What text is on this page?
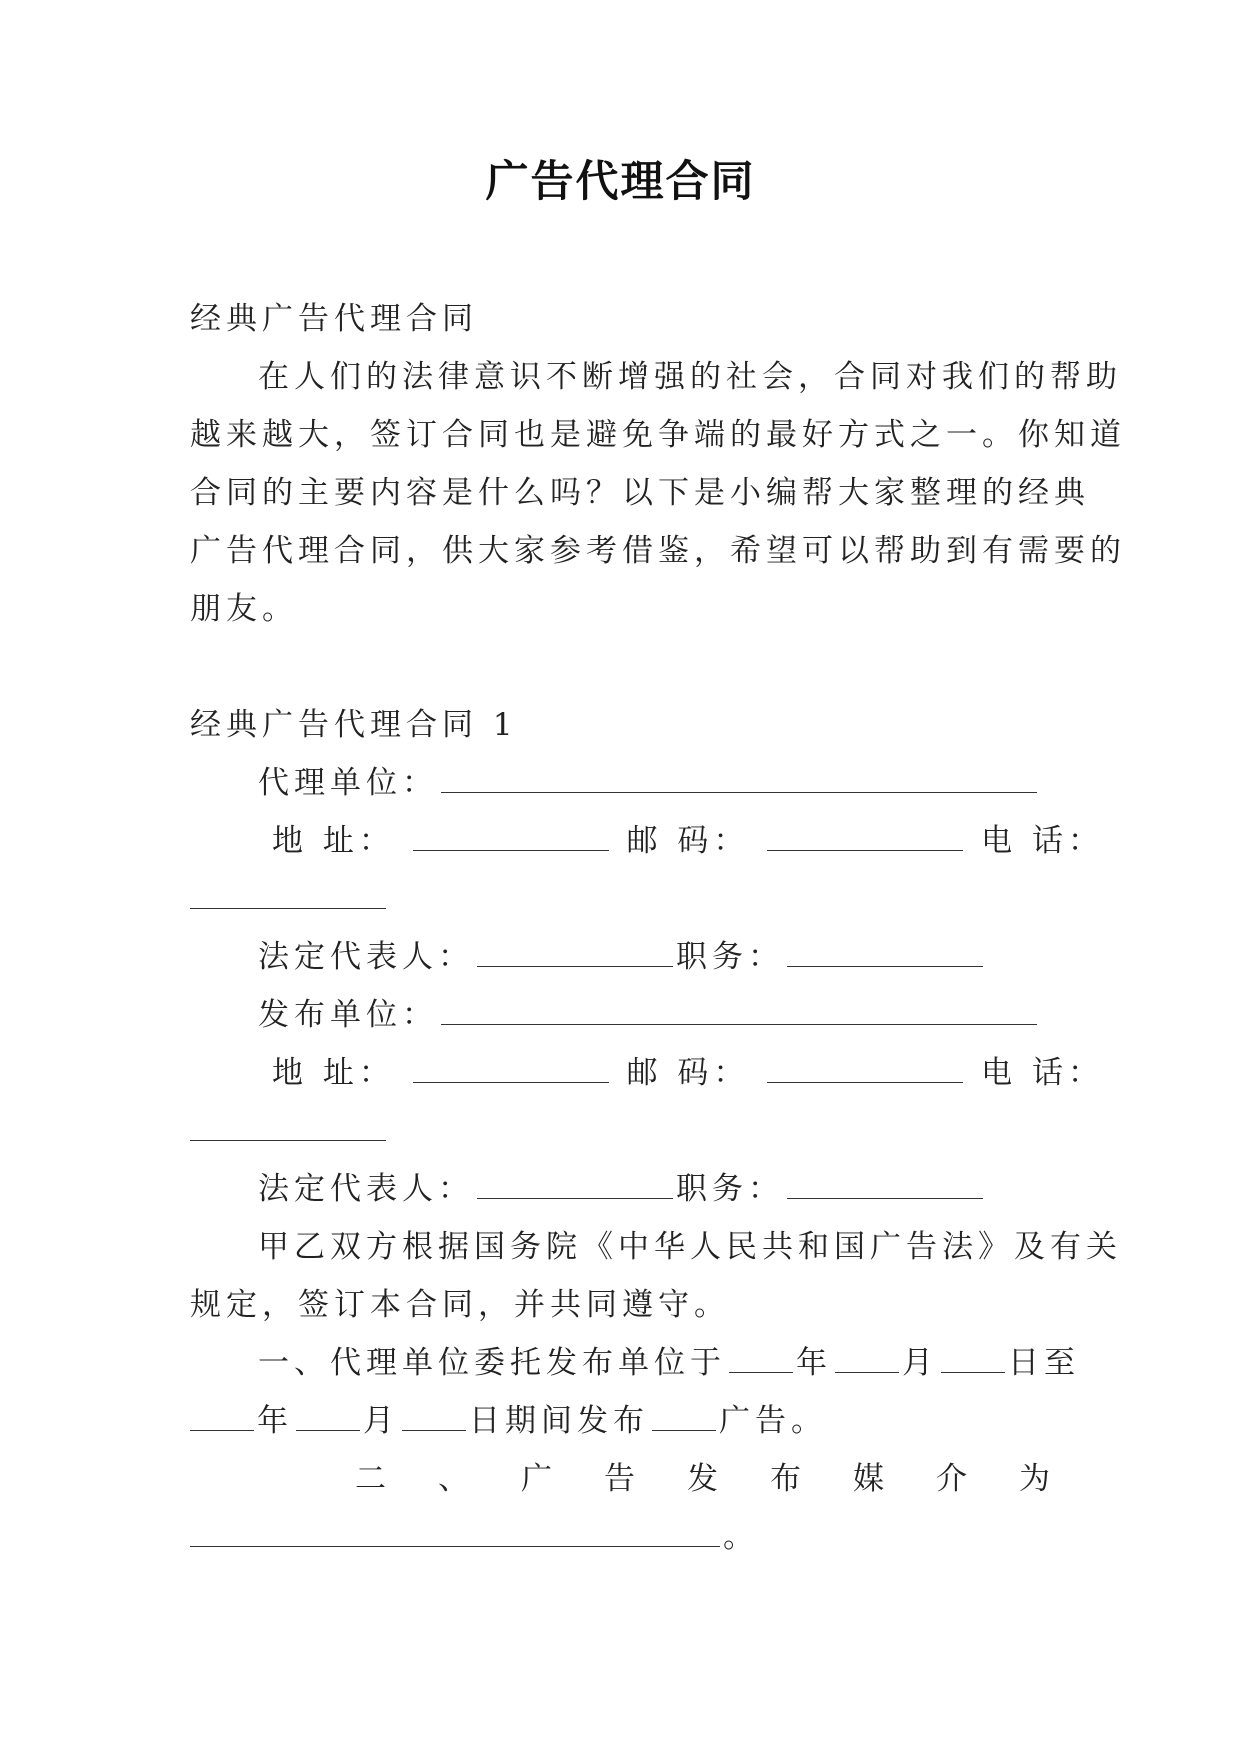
广告代理合同
经典广告代理合同
在人们的法律意识不断增强的社会，合同对我们的帮助
越来越大，签订合同也是避免争端的最好方式之一。你知道
合同的主要内容是什么吗？以下是小编帮大家整理的经典
广告代理合同，供大家参考借鉴，希望可以帮助到有需要的
朋友。
经典广告代理合同 1
代理单位：
地 址：	邮 码：	电 话：
法定代表人：	职务：
发布单位：
地 址：	邮 码：	电 话：
法定代表人：	职务：
甲乙双方根据国务院《中华人民共和国广告法》及有关
规定，签订本合同，并共同遵守。
一、代理单位委托发布单位于 年 月 日至
年 月 日期间发布 广告。
二 、 广 告 发 布 媒 介 为
。
